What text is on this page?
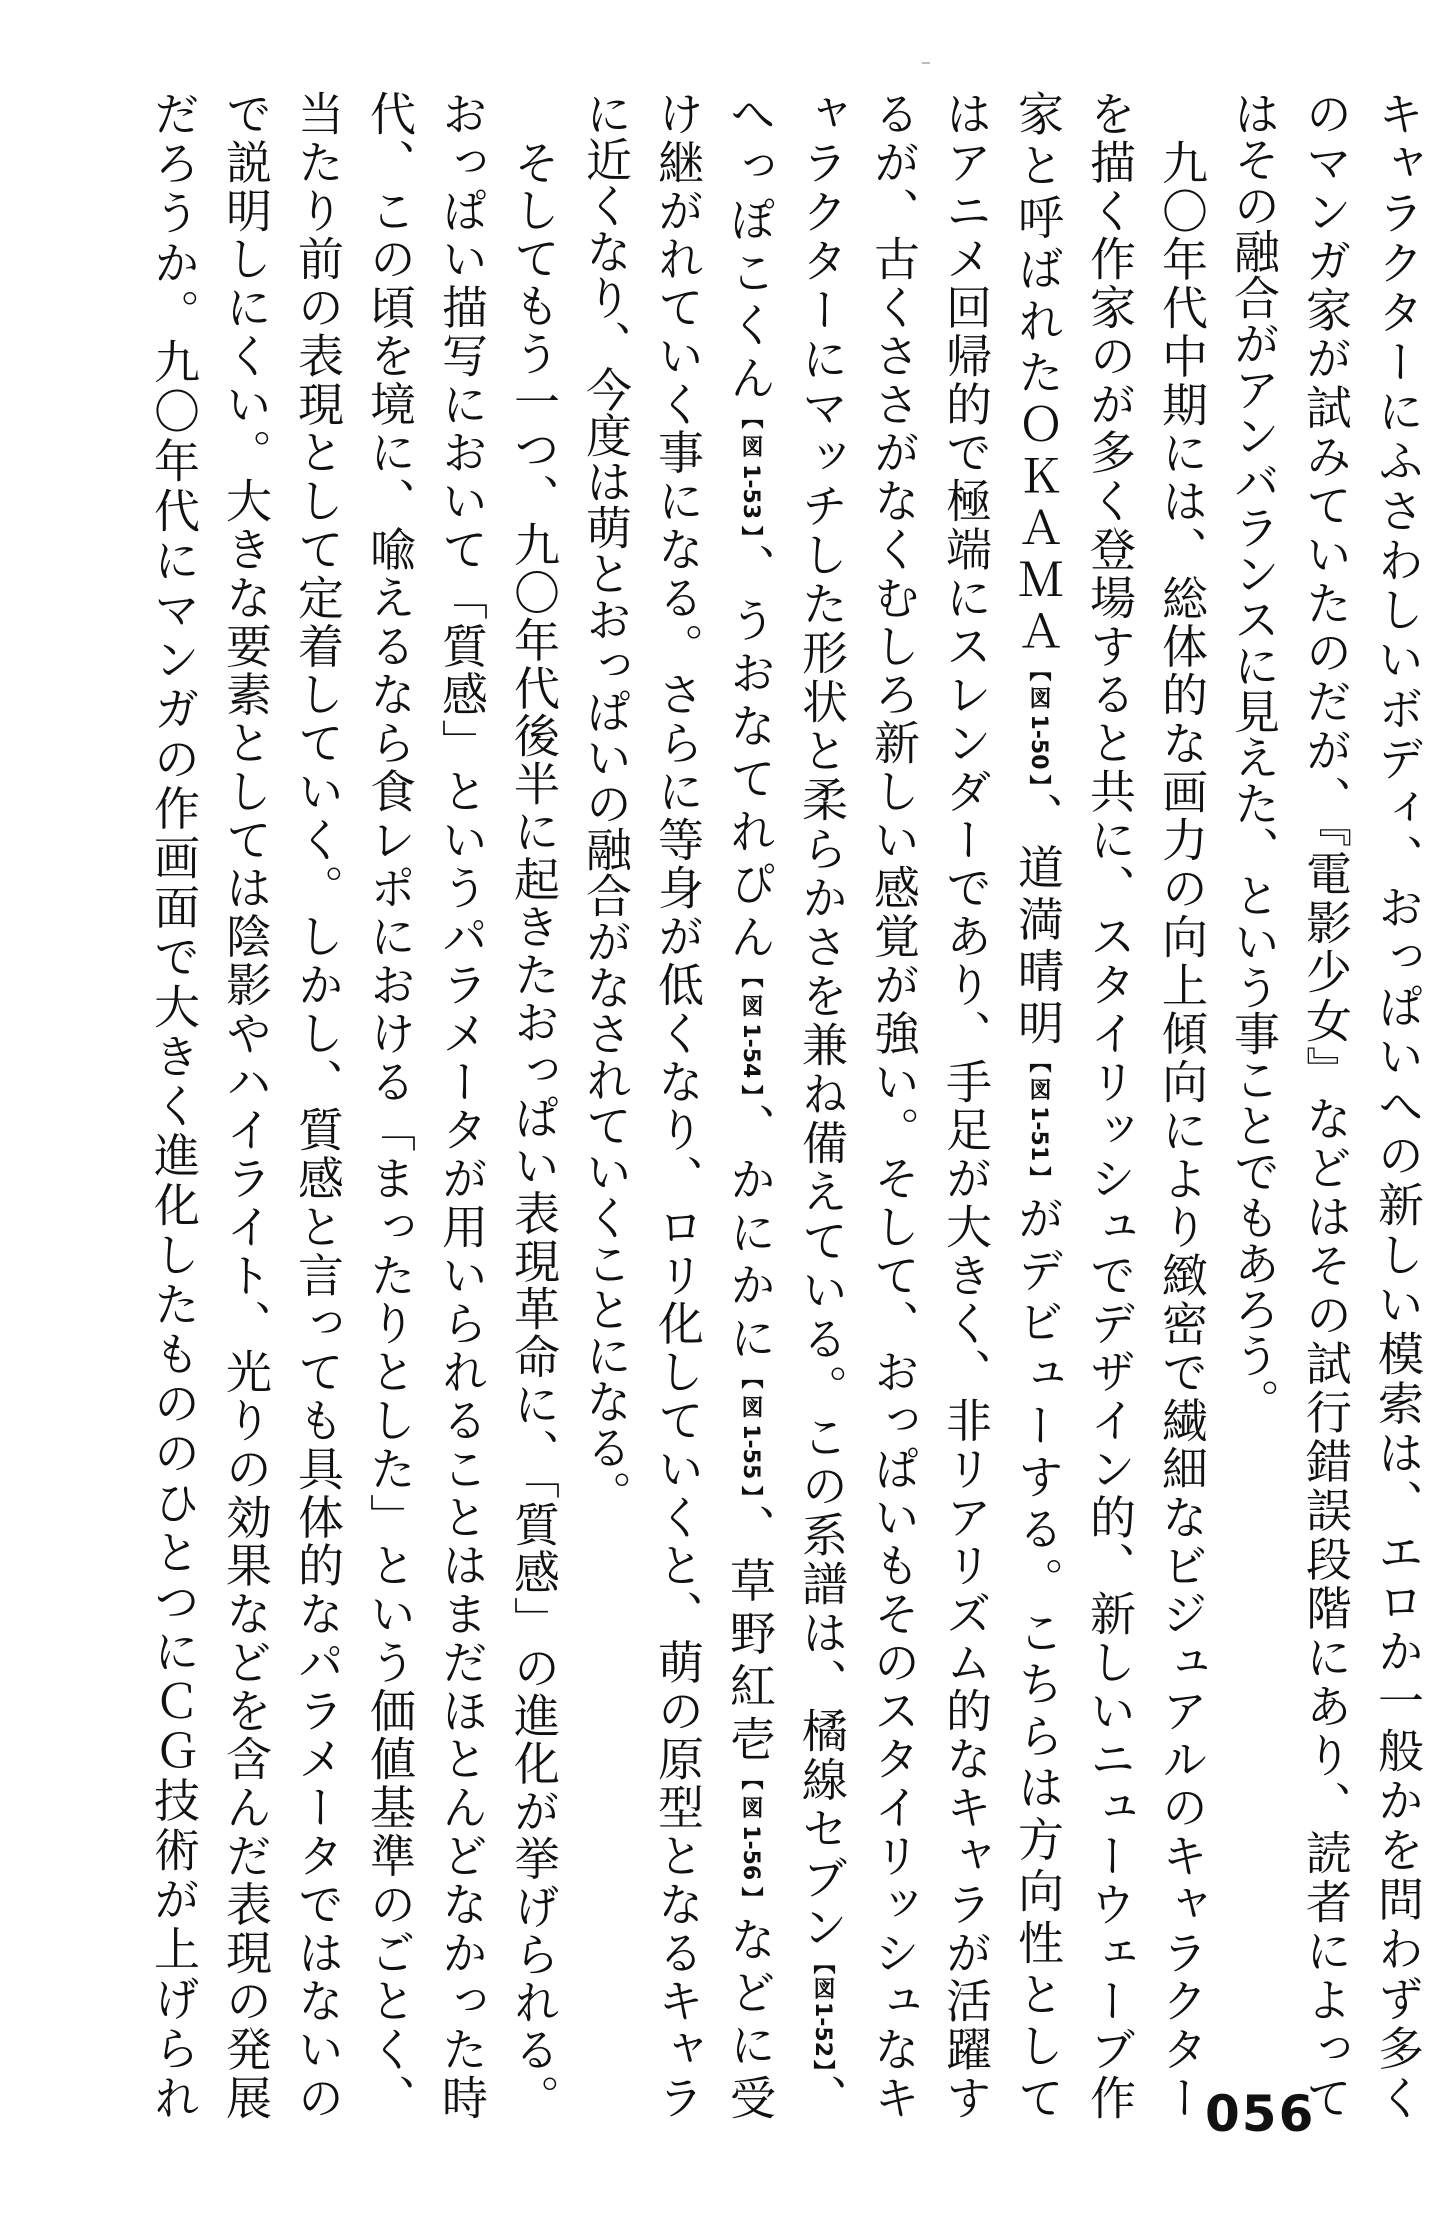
キャラクターにふさわしいボディ、おっぱいへの新しい模索は、エロか一般かを問わず多く
のマンガ家が試みていたのだが、『電影少女』などはその試行錯誤段階にあり、読者によって
はその融合がアンバランスに見えた、という事ことでもあろう。
九〇年代中期には、総体的な画力の向上傾向により緻密で繊細なビジュアルのキャラクター
を描く作家のが多く登場すると共に、スタイリッシュでデザイン的、新しいニューウェーブ作
家と呼ばれたＯＫＡＭＡ【図1-50】、道満晴明【図1-51】がデビューする。こちらは方向性として
はアニメ回帰的で極端にスレンダーであり、手足が大きく、非リアリズム的なキャラが活躍す
るが、古くささがなくむしろ新しい感覚が強い。そして、おっぱいもそのスタイリッシュなキ
ャラクターにマッチした形状と柔らかさを兼ね備えている。この系譜は、橘線セブン【図1-52】、
へっぽこくん【図1-53】、うおなてれぴん【図1-54】、かにかに【図1-55】、草野紅壱【図1-56】などに受
け継がれていく事になる。さらに等身が低くなり、ロリ化していくと、萌の原型となるキャラ
に近くなり、今度は萌とおっぱいの融合がなされていくことになる。
そしてもう一つ、九〇年代後半に起きたおっぱい表現革命に、「質感」の進化が挙げられる。
おっぱい描写において「質感」というパラメータが用いられることはまだほとんどなかった時
代、この頃を境に、喩えるなら食レポにおける「まったりとした」という価値基準のごとく、
当たり前の表現として定着していく。しかし、質感と言っても具体的なパラメータではないの
で説明しにくい。大きな要素としては陰影やハイライト、光りの効果などを含んだ表現の発展
だろうか。九〇年代にマンガの作画面で大きく進化したもののひとつにＣＧ技術が上げられ	056
